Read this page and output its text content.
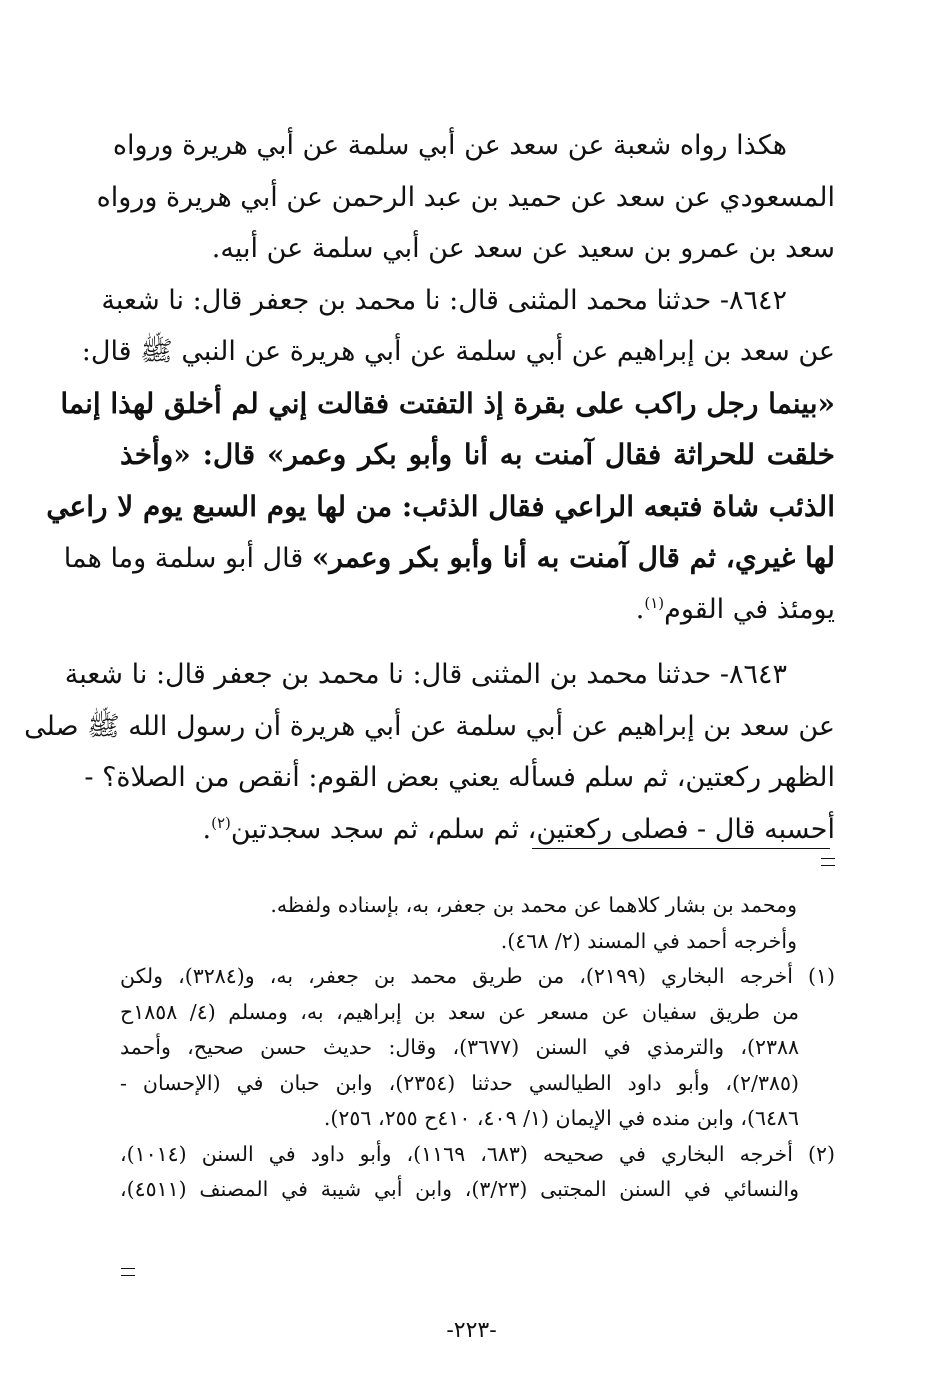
هكذا رواه شعبة عن سعد عن أبي سلمة عن أبي هريرة ورواه
المسعودي عن سعد عن حميد بن عبد الرحمن عن أبي هريرة ورواه
سعد بن عمرو بن سعيد عن سعد عن أبي سلمة عن أبيه.
٨٦٤٢- حدثنا محمد المثنى قال: نا محمد بن جعفر قال: نا شعبة
عن سعد بن إبراهيم عن أبي سلمة عن أبي هريرة عن النبي ﷺ قال:
«بينما رجل راكب على بقرة إذ التفتت فقالت إني لم أخلق لهذا إنما
خلقت للحراثة فقال آمنت به أنا وأبو بكر وعمر» قال: «وأخذ
الذئب شاة فتبعه الراعي فقال الذئب: من لها يوم السبع يوم لا راعي
لها غيري، ثم قال آمنت به أنا وأبو بكر وعمر» قال أبو سلمة وما هما
يومئذ في القوم$^{(١)}$.
٨٦٤٣- حدثنا محمد بن المثنى قال: نا محمد بن جعفر قال: نا شعبة
عن سعد بن إبراهيم عن أبي سلمة عن أبي هريرة أن رسول الله ﷺ صلى
الظهر ركعتين، ثم سلم فسأله يعني بعض القوم: أنقص من الصلاة؟ -
أحسبه قال - فصلى ركعتين، ثم سلم، ثم سجد سجدتين$^{(٢)}$.
ومحمد بن بشار كلاهما عن محمد بن جعفر، به، بإسناده ولفظه.
وأخرجه أحمد في المسند (٢/ ٤٦٨).
(١) أخرجه البخاري (٢١٩٩)، من طريق محمد بن جعفر، به، و(٣٢٨٤)، ولكن
من طريق سفيان عن مسعر عن سعد بن إبراهيم، به، ومسلم (٤/ ١٨٥٨ح
٢٣٨٨)، والترمذي في السنن (٣٦٧٧)، وقال: حديث حسن صحيح، وأحمد
(٢/٣٨٥)، وأبو داود الطيالسي حدثنا (٢٣٥٤)، وابن حبان في (الإحسان -
٦٤٨٦)، وابن منده في الإيمان (١/ ٤٠٩، ٤١٠ح ٢٥٥، ٢٥٦).
(٢) أخرجه البخاري في صحيحه (٦٨٣، ١١٦٩)، وأبو داود في السنن (١٠١٤)،
والنسائي في السنن المجتبى (٣/٢٣)، وابن أبي شيبة في المصنف (٤٥١١)،
-٢٢٣-
